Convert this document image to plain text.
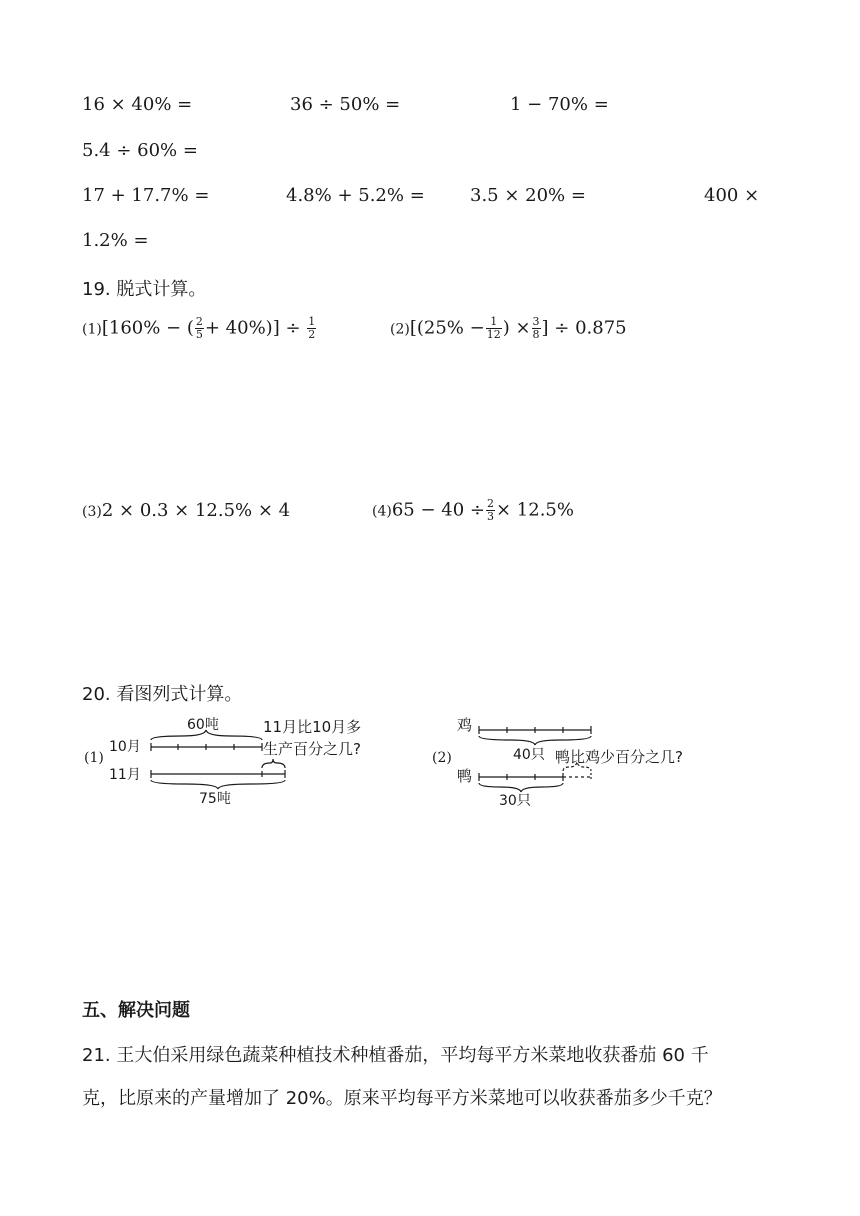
16 × 40% =	36 ÷ 50% =	1 − 70% =
5.4 ÷ 60% =
17 + 17.7% =	4.8% + 5.2% =	3.5 × 20% =	400 ×
1.2% =
19. 脱式计算。
(1)[160% − ( $\frac{2}{5} + 40\%)] \div \frac{1}{2}$	$(2)[(25\% - \frac{1}{12}$ ) × $\frac{3}{8}$ ] ÷ 0.875
(3)2 × 0.3 × 12.5% × 4	$(4)65 - 40 \div \frac{2}{3} \times 12.5\%$
20. 看图列式计算。
(1)
10月
11月
60吨
75吨
11月比10月多
生产百分之几?	(2)
鸡
鸭
40只
30只
鸭比鸡少百分之几?
五、解决问题
21. 王大伯采用绿色蔬菜种植技术种植番茄，平均每平方米菜地收获番茄 60 千
克，比原来的产量增加了 20%。原来平均每平方米菜地可以收获番茄多少千克？
